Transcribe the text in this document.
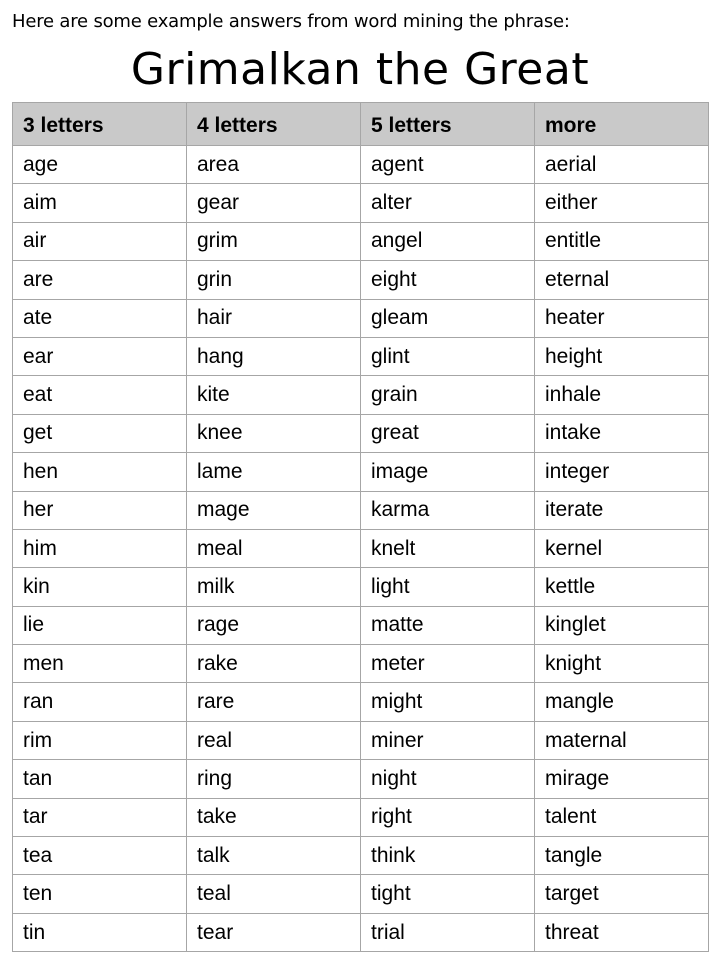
Here are some example answers from word mining the phrase:
Grimalkan the Great
3 letters	4 letters	5 letters	more
age	area	agent	aerial
aim	gear	alter	either
air	grim	angel	entitle
are	grin	eight	eternal
ate	hair	gleam	heater
ear	hang	glint	height
eat	kite	grain	inhale
get	knee	great	intake
hen	lame	image	integer
her	mage	karma	iterate
him	meal	knelt	kernel
kin	milk	light	kettle
lie	rage	matte	kinglet
men	rake	meter	knight
ran	rare	might	mangle
rim	real	miner	maternal
tan	ring	night	mirage
tar	take	right	talent
tea	talk	think	tangle
ten	teal	tight	target
tin	tear	trial	threat
